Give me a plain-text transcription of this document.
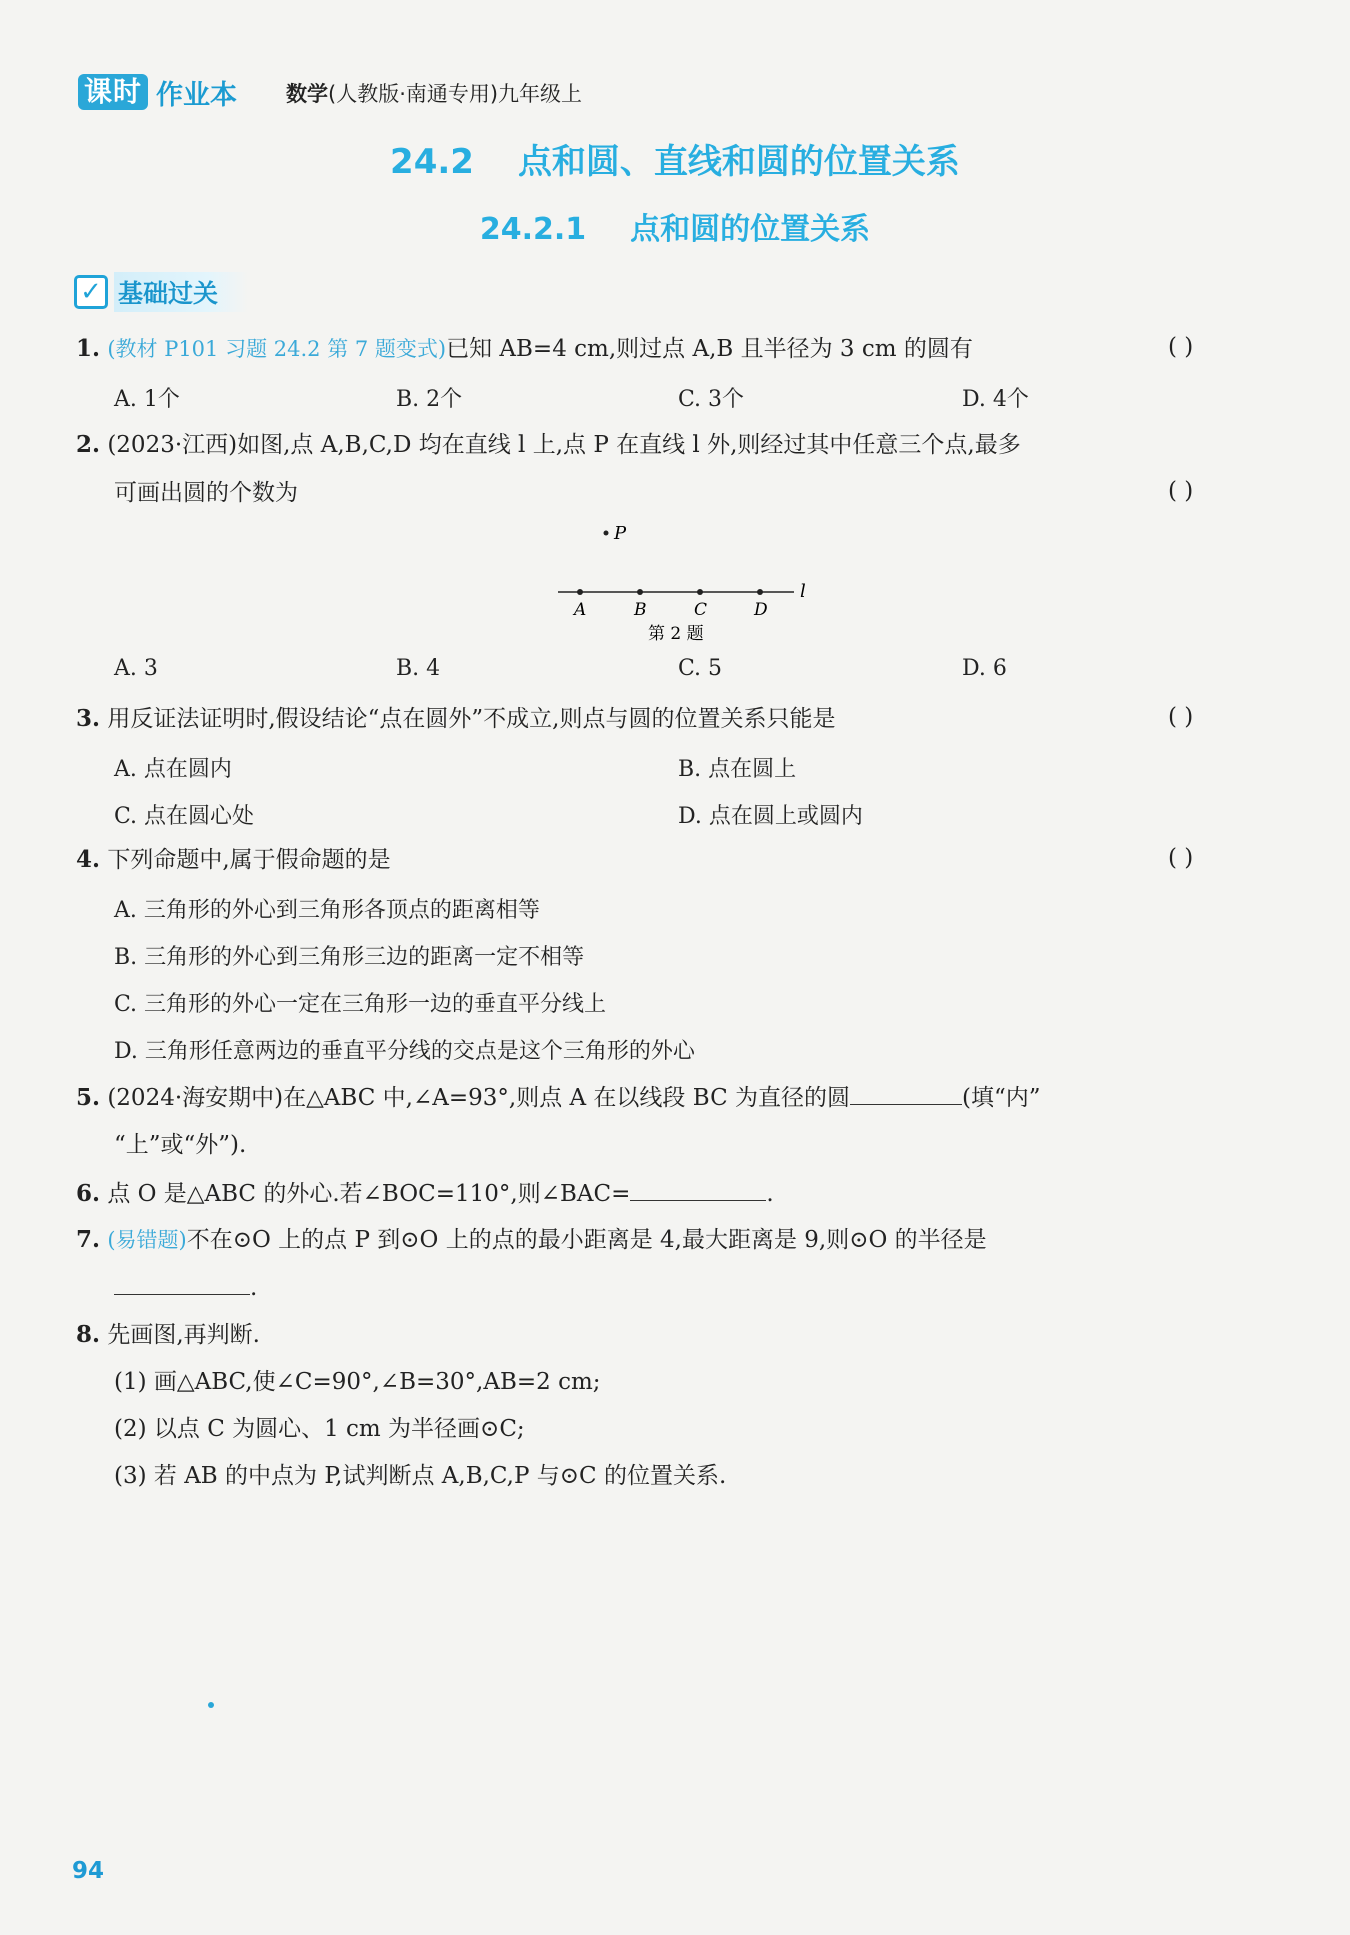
课时 作业本 数学(人教版·南通专用)九年级上
24.2 点和圆、直线和圆的位置关系
24.2.1 点和圆的位置关系
✓ 基础过关
1. (教材 P101 习题 24.2 第 7 题变式)已知 AB=4 cm,则过点 A,B 且半径为 3 cm 的圆有	( )
A. 1个	B. 2个	C. 3个	D. 4个
2. (2023·江西)如图,点 A,B,C,D 均在直线 l 上,点 P 在直线 l 外,则经过其中任意三个点,最多
可画出圆的个数为	( )
P
A	B	C	D
l
第 2 题
A. 3	B. 4	C. 5	D. 6
3. 用反证法证明时,假设结论“点在圆外”不成立,则点与圆的位置关系只能是	( )
A. 点在圆内	B. 点在圆上
C. 点在圆心处	D. 点在圆上或圆内
4. 下列命题中,属于假命题的是	( )
A. 三角形的外心到三角形各顶点的距离相等
B. 三角形的外心到三角形三边的距离一定不相等
C. 三角形的外心一定在三角形一边的垂直平分线上
D. 三角形任意两边的垂直平分线的交点是这个三角形的外心
5. (2024·海安期中)在△ABC 中,∠A=93°,则点 A 在以线段 BC 为直径的圆	(填“内”
“上”或“外”).
6. 点 O 是△ABC 的外心.若∠BOC=110°,则∠BAC=	.
7. (易错题)不在⊙O 上的点 P 到⊙O 上的点的最小距离是 4,最大距离是 9,则⊙O 的半径是
.
8. 先画图,再判断.
(1) 画△ABC,使∠C=90°,∠B=30°,AB=2 cm;
(2) 以点 C 为圆心、1 cm 为半径画⊙C;
(3) 若 AB 的中点为 P,试判断点 A,B,C,P 与⊙C 的位置关系.
94
